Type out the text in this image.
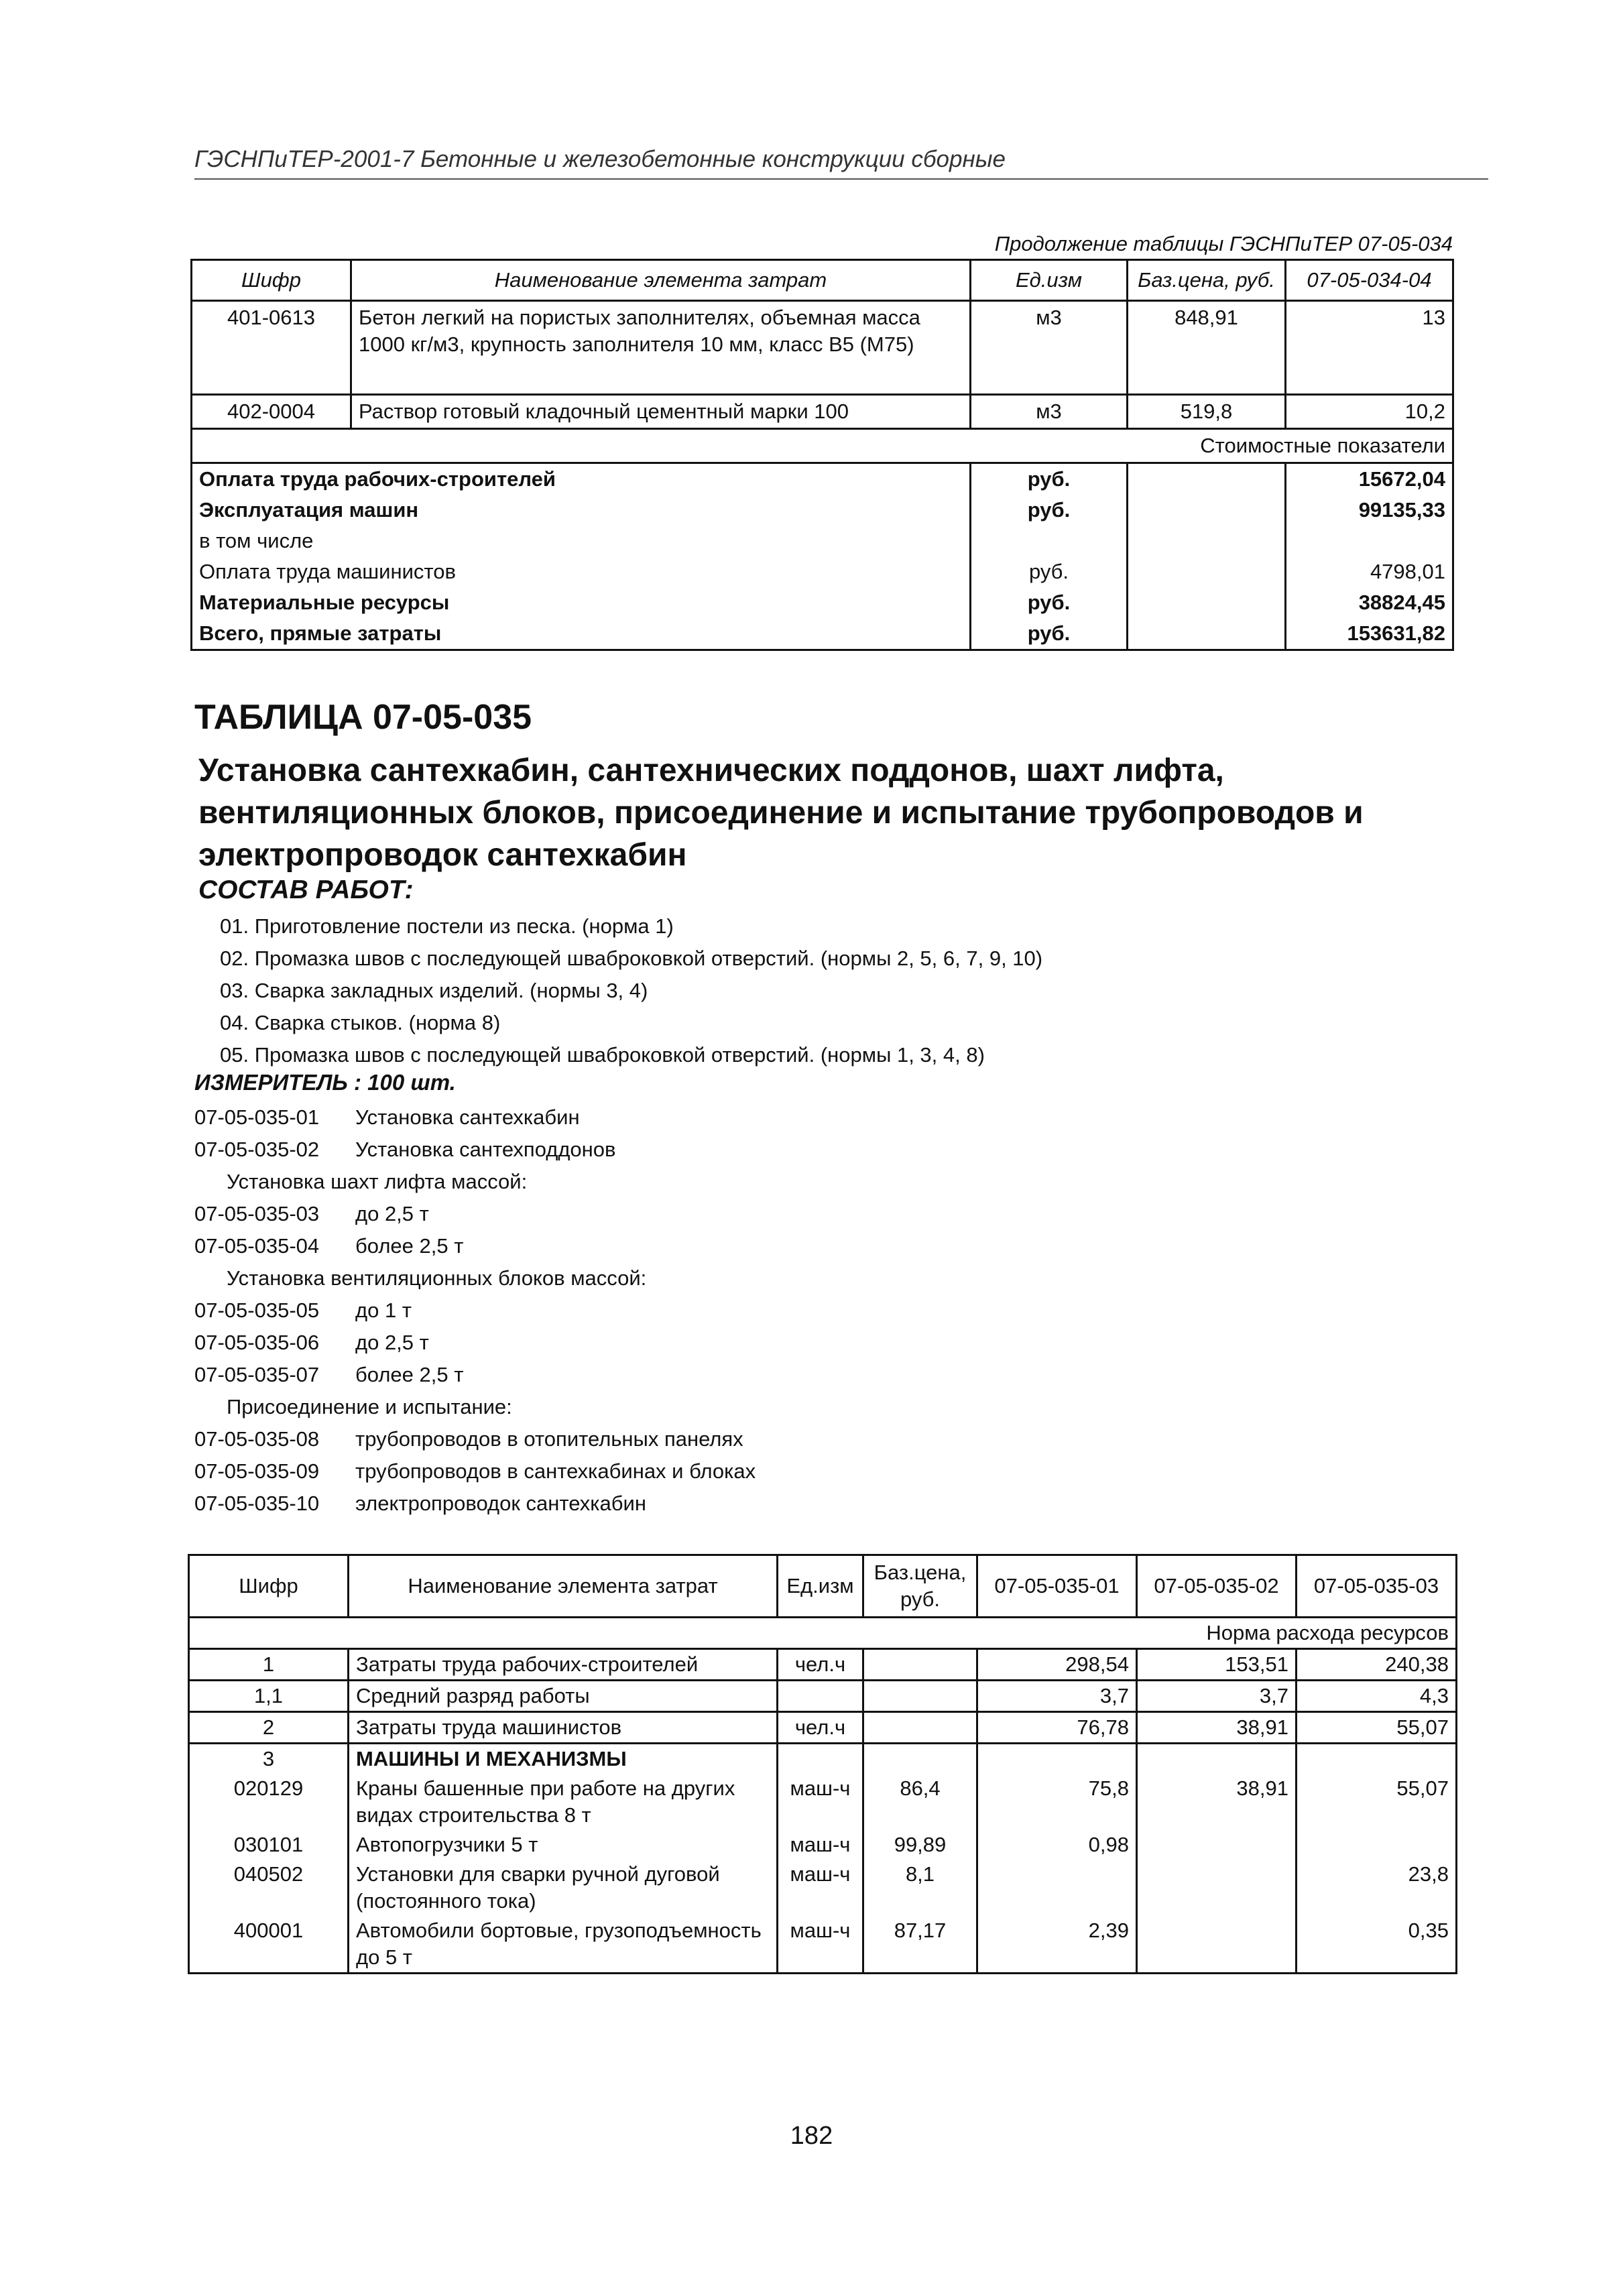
ГЭСНПиТЕР-2001-7 Бетонные и железобетонные конструкции сборные
Продолжение таблицы ГЭСНПиТЕР 07-05-034
Шифр	Наименование элемента затрат	Ед.изм	Баз.цена, руб.	07-05-034-04
401-0613	Бетон легкий на пористых заполнителях, объемная масса 1000 кг/м3, крупность заполнителя 10 мм, класс В5 (М75)	м3	848,91	13
402-0004	Раствор готовый кладочный цементный марки 100	м3	519,8	10,2
Стоимостные показатели				
Оплата труда рабочих-строителей		руб.		15672,04
Эксплуатация машин		руб.		99135,33
в том числе				
Оплата труда машинистов		руб.		4798,01
Материальные ресурсы		руб.		38824,45
Всего, прямые затраты		руб.		153631,82
ТАБЛИЦА 07-05-035
Установка сантехкабин, сантехнических поддонов, шахт лифта, вентиляционных блоков, присоединение и испытание трубопроводов и электропроводок сантехкабин
СОСТАВ РАБОТ:
01. Приготовление постели из песка. (норма 1)
02. Промазка швов с последующей шваброковкой отверстий. (нормы 2, 5, 6, 7, 9, 10)
03. Сварка закладных изделий. (нормы 3, 4)
04. Сварка стыков. (норма 8)
05. Промазка швов с последующей шваброковкой отверстий. (нормы 1, 3, 4, 8)
ИЗМЕРИТЕЛЬ : 100 шт.
07-05-035-01	Установка сантехкабин
07-05-035-02	Установка сантехподдонов
Установка шахт лифта массой:
07-05-035-03	до 2,5 т
07-05-035-04	более 2,5 т
Установка вентиляционных блоков массой:
07-05-035-05	до 1 т
07-05-035-06	до 2,5 т
07-05-035-07	более 2,5 т
Присоединение и испытание:
07-05-035-08	трубопроводов в отопительных панелях
07-05-035-09	трубопроводов в сантехкабинах и блоках
07-05-035-10	электропроводок сантехкабин
Шифр	Наименование элемента затрат	Ед.изм	Баз.цена, руб.	07-05-035-01	07-05-035-02	07-05-035-03
Норма расхода ресурсов						
1	Затраты труда рабочих-строителей	чел.ч		298,54	153,51	240,38
1,1	Средний разряд работы			3,7	3,7	4,3
2	Затраты труда машинистов	чел.ч		76,78	38,91	55,07
3	МАШИНЫ И МЕХАНИЗМЫ					
020129	Краны башенные при работе на других видах строительства 8 т	маш-ч	86,4	75,8	38,91	55,07
030101	Автопогрузчики 5 т	маш-ч	99,89	0,98		
040502	Установки для сварки ручной дуговой (постоянного тока)	маш-ч	8,1			23,8
400001	Автомобили бортовые, грузоподъемность до 5 т	маш-ч	87,17	2,39		0,35
182
